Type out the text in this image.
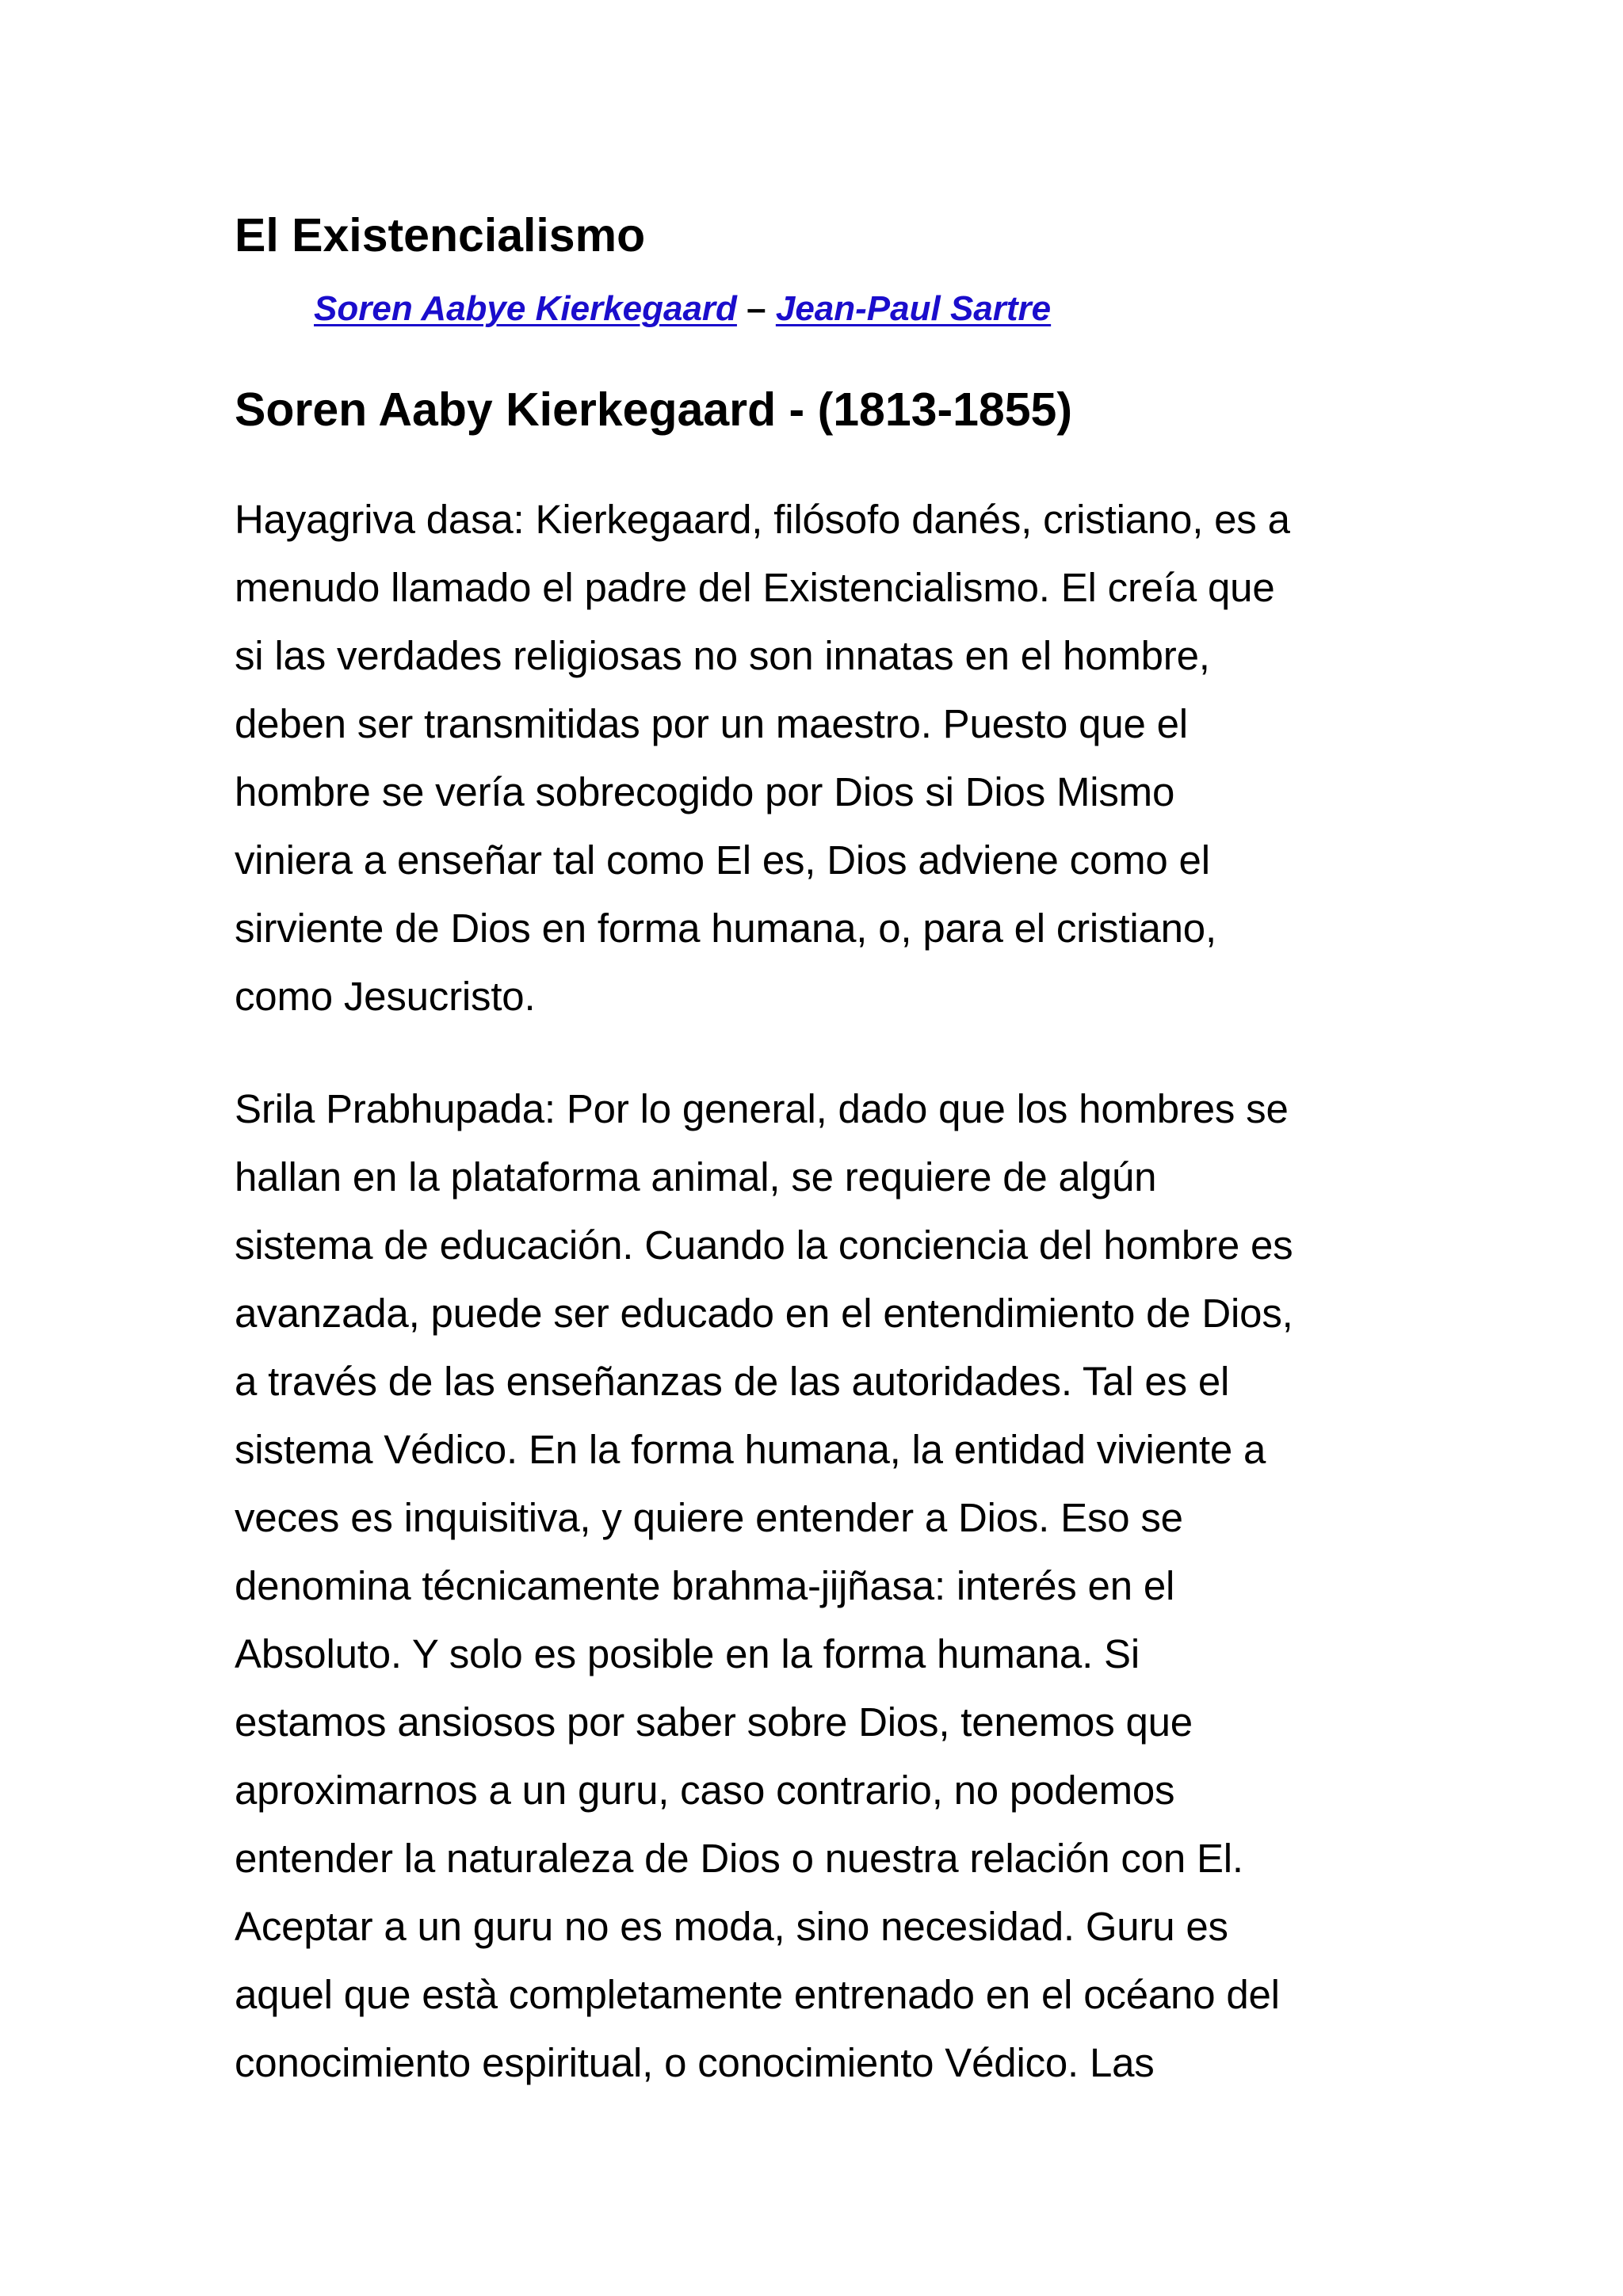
El Existencialismo

Soren Aabye Kierkegaard – Jean-Paul Sartre

Soren Aaby Kierkegaard - (1813-1855)

Hayagriva dasa: Kierkegaard, filósofo danés, cristiano, es a
menudo llamado el padre del Existencialismo. El creía que
si las verdades religiosas no son innatas en el hombre,
deben ser transmitidas por un maestro. Puesto que el
hombre se vería sobrecogido por Dios si Dios Mismo
viniera a enseñar tal como El es, Dios adviene como el
sirviente de Dios en forma humana, o, para el cristiano,
como Jesucristo.

Srila Prabhupada: Por lo general, dado que los hombres se
hallan en la plataforma animal, se requiere de algún
sistema de educación. Cuando la conciencia del hombre es
avanzada, puede ser educado en el entendimiento de Dios,
a través de las enseñanzas de las autoridades. Tal es el
sistema Védico. En la forma humana, la entidad viviente a
veces es inquisitiva, y quiere entender a Dios. Eso se
denomina técnicamente brahma-jijñasa: interés en el
Absoluto. Y solo es posible en la forma humana. Si
estamos ansiosos por saber sobre Dios, tenemos que
aproximarnos a un guru, caso contrario, no podemos
entender la naturaleza de Dios o nuestra relación con El.
Aceptar a un guru no es moda, sino necesidad. Guru es
aquel que està completamente entrenado en el océano del
conocimiento espiritual, o conocimiento Védico. Las
